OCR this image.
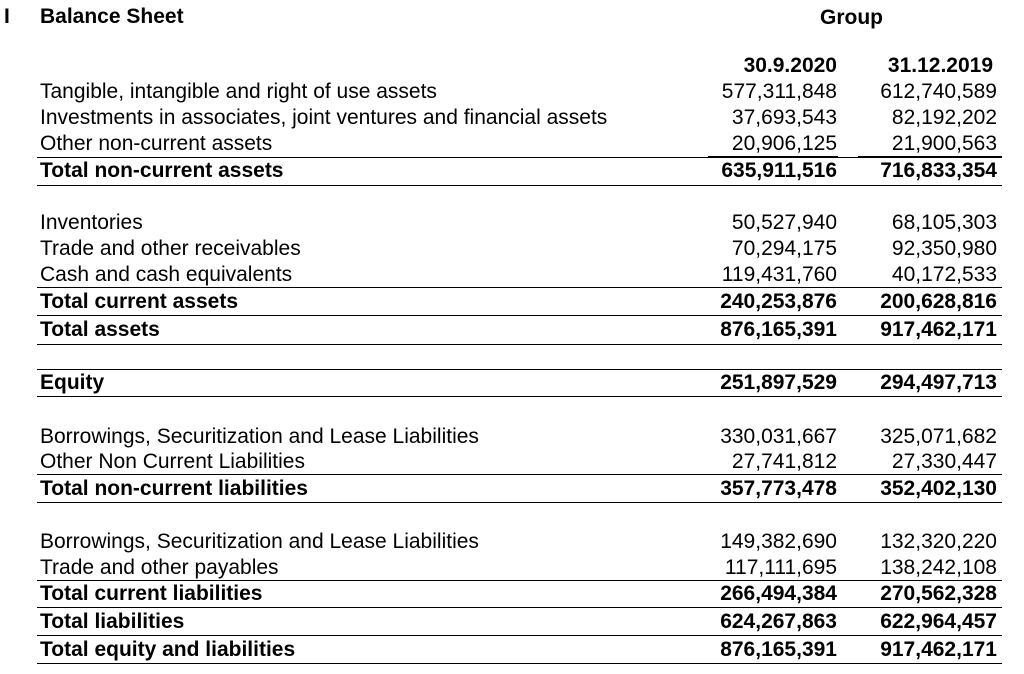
I Balance Sheet	Group
30.9.2020 31.12.2019
Tangible, intangible and right of use assets	577,311,848 612,740,589
Investments in associates, joint ventures and financial assets	37,693,543	82,192,202
Other non-current assets	20,906,125	21,900,563
Total non-current assets	635,911,516 716,833,354
Inventories	50,527,940	68,105,303
Trade and other receivables	70,294,175	92,350,980
Cash and cash equivalents	119,431,760	40,172,533
Total current assets	240,253,876 200,628,816
Total assets	876,165,391 917,462,171
Equity	251,897,529 294,497,713
Borrowings, Securitization and Lease Liabilities	330,031,667 325,071,682
Other Non Current Liabilities	27,741,812	27,330,447
Total non-current liabilities	357,773,478 352,402,130
Borrowings, Securitization and Lease Liabilities	149,382,690 132,320,220
Trade and other payables	117,111,695 138,242,108
Total current liabilities	266,494,384 270,562,328
Total liabilities	624,267,863 622,964,457
Total equity and liabilities	876,165,391 917,462,171
